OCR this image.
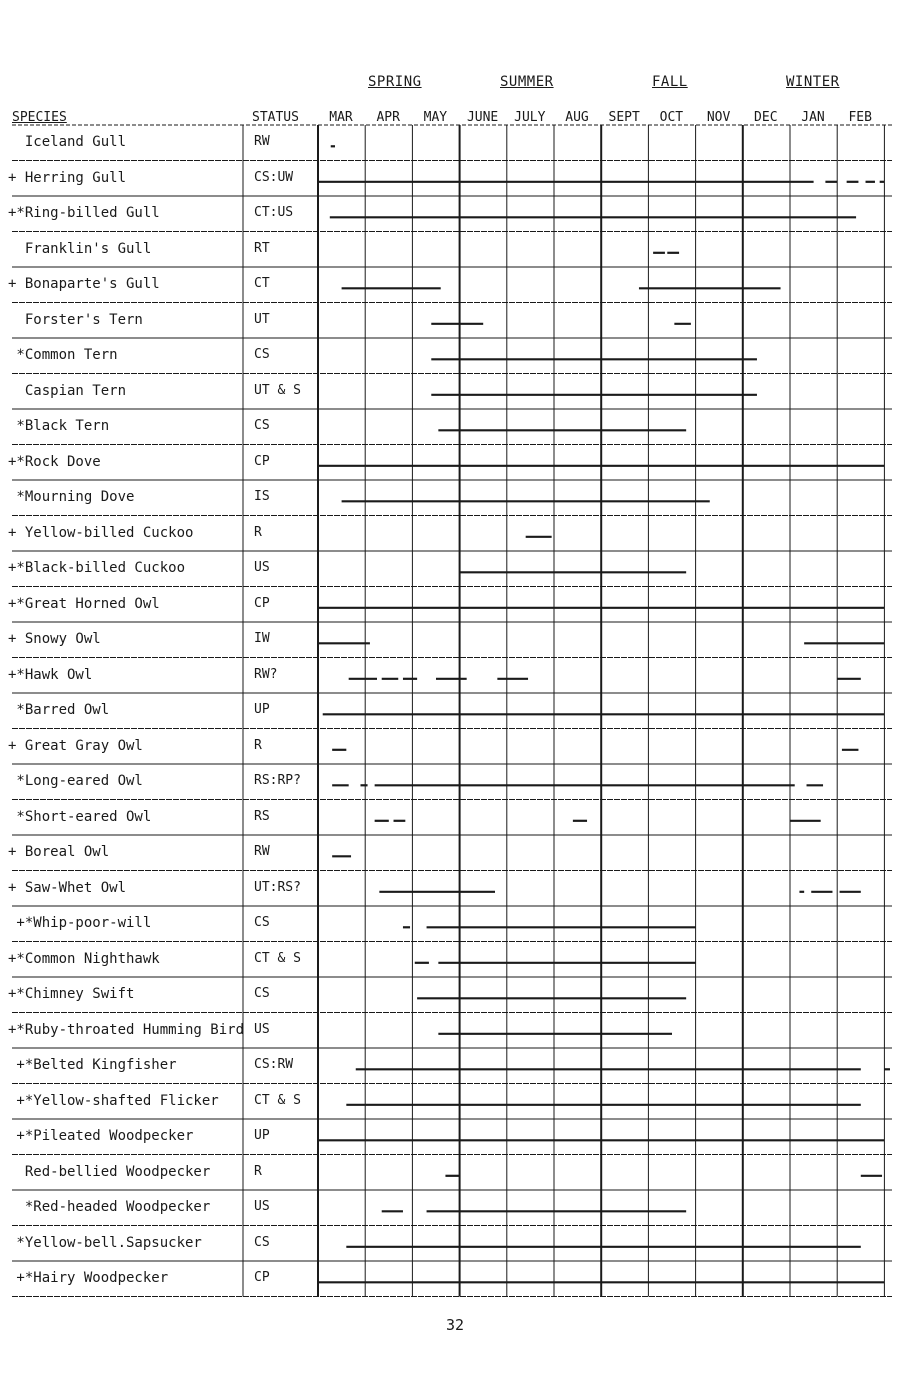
SPRING	SUMMER	FALL	WINTER
SPECIES	STATUS	MAR	APR	MAY	JUNE	JULY	AUG	SEPT	OCT	NOV	DEC	JAN	FEB
Iceland Gull	RW
+ Herring Gull	CS:UW
+*Ring-billed Gull	CT:US
Franklin's Gull	RT
+ Bonaparte's Gull	CT
Forster's Tern	UT
*Common Tern	CS
Caspian Tern	UT & S
*Black Tern	CS
+*Rock Dove	CP
*Mourning Dove	IS
+ Yellow-billed Cuckoo	R
+*Black-billed Cuckoo	US
+*Great Horned Owl	CP
+ Snowy Owl	IW
+*Hawk Owl	RW?
*Barred Owl	UP
+ Great Gray Owl	R
*Long-eared Owl	RS:RP?
*Short-eared Owl	RS
+ Boreal Owl	RW
+ Saw-Whet Owl	UT:RS?
+*Whip-poor-will	CS
+*Common Nighthawk	CT & S
+*Chimney Swift	CS
+*Ruby-throated Humming Bird US
+*Belted Kingfisher	CS:RW
+*Yellow-shafted Flicker	CT & S
+*Pileated Woodpecker	UP
Red-bellied Woodpecker	R
*Red-headed Woodpecker	US
*Yellow-bell.Sapsucker	CS
+*Hairy Woodpecker	CP
32
